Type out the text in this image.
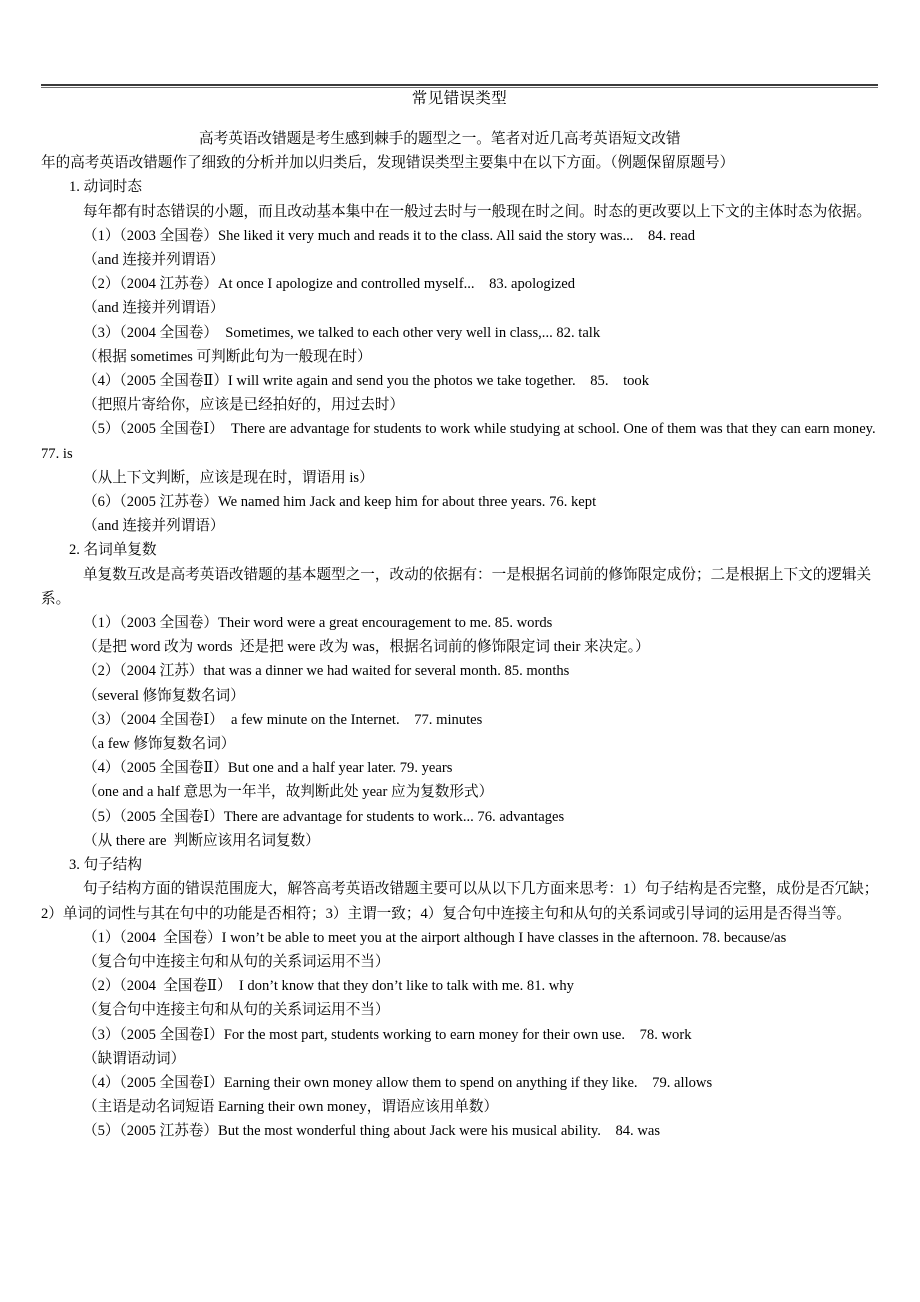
常见错误类型

高考英语改错题是考生感到棘手的题型之一。笔者对近几高考英语短文改错

年的高考英语改错题作了细致的分析并加以归类后，发现错误类型主要集中在以下方面。（例题保留原题号）

1. 动词时态

每年都有时态错误的小题，而且改动基本集中在一般过去时与一般现在时之间。时态的更改要以上下文的主体时态为依据。

（1）（2003 全国卷）She liked it very much and reads it to the class. All said the story was...　84. read

（and 连接并列谓语）

（2）（2004 江苏卷）At once I apologize and controlled myself...　83. apologized

（and 连接并列谓语）

（3）（2004 全国卷）　Sometimes, we talked to each other very well in class,... 82. talk

（根据 sometimes 可判断此句为一般现在时）

（4）（2005 全国卷Ⅱ）I will write again and send you the photos we take together.　85.　took

（把照片寄给你，应该是已经拍好的，用过去时）

（5）（2005 全国卷Ⅰ）　There are advantage for students to work while studying at school. One of them was that they can earn money. 77. is

（从上下文判断，应该是现在时，谓语用 is）

（6）（2005 江苏卷）We named him Jack and keep him for about three years. 76. kept

（and 连接并列谓语）

2. 名词单复数

单复数互改是高考英语改错题的基本题型之一，改动的依据有：一是根据名词前的修饰限定成份；二是根据上下文的逻辑关系。

（1）（2003 全国卷）Their word were a great encouragement to me. 85. words

（是把 word 改为 words  还是把 were 改为 was，根据名词前的修饰限定词 their 来决定。）

（2）（2004 江苏）that was a dinner we had waited for several month. 85. months

（several 修饰复数名词）

（3）（2004 全国卷Ⅰ）　a few minute on the Internet.　77. minutes

（a few 修饰复数名词）

（4）（2005 全国卷Ⅱ）But one and a half year later. 79. years

（one and a half 意思为一年半，故判断此处 year 应为复数形式）

（5）（2005 全国卷Ⅰ）There are advantage for students to work... 76. advantages

（从 there are  判断应该用名词复数）

3. 句子结构

句子结构方面的错误范围庞大，解答高考英语改错题主要可以从以下几方面来思考：1）句子结构是否完整，成份是否冗缺；2）单词的词性与其在句中的功能是否相符；3）主谓一致；4）复合句中连接主句和从句的关系词或引导词的运用是否得当等。

（1）（2004  全国卷）I won’t be able to meet you at the airport although I have classes in the afternoon. 78. because/as

（复合句中连接主句和从句的关系词运用不当）

（2）（2004  全国卷Ⅱ）　I don’t know that they don’t like to talk with me. 81. why

（复合句中连接主句和从句的关系词运用不当）

（3）（2005 全国卷Ⅰ）For the most part, students working to earn money for their own use.　78. work

（缺谓语动词）

（4）（2005 全国卷Ⅰ）Earning their own money allow them to spend on anything if they like.　79. allows

（主语是动名词短语 Earning their own money，谓语应该用单数）

（5）（2005 江苏卷）But the most wonderful thing about Jack were his musical ability.　84. was
